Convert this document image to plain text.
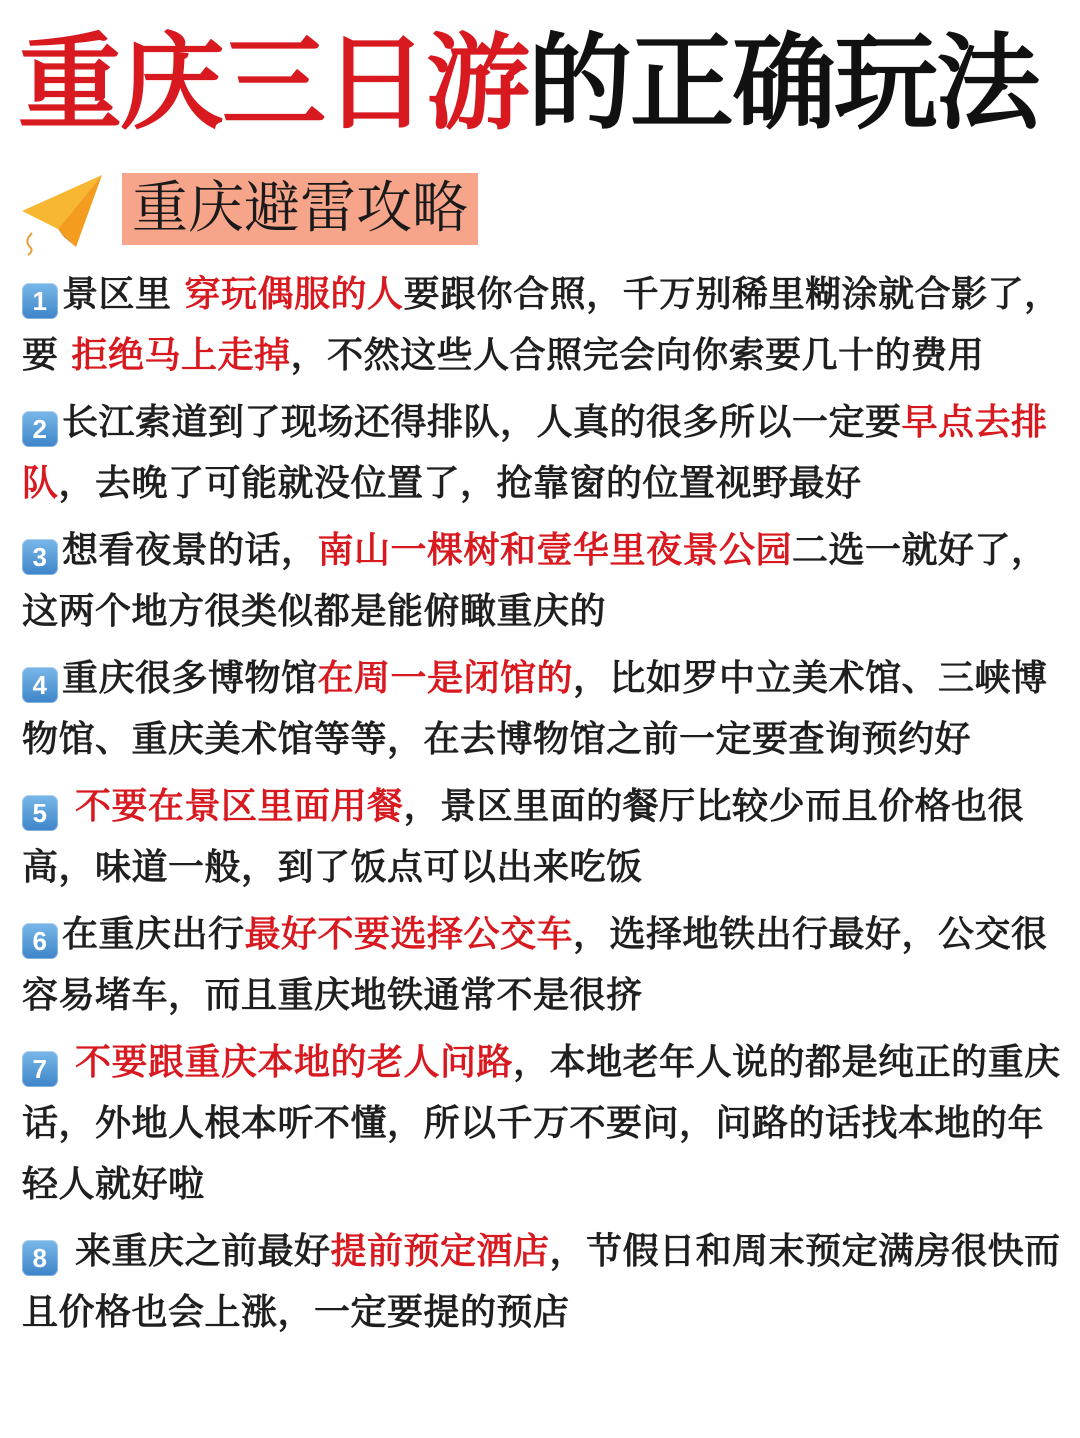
重庆三日游的正确玩法
重庆避雷攻略
1 景区里 穿玩偶服的人要跟你合照，千万别稀里糊涂就合影了，要 拒绝马上走掉，不然这些人合照完会向你索要几十的费用
2 长江索道到了现场还得排队，人真的很多所以一定要早点去排队，去晚了可能就没位置了，抢靠窗的位置视野最好
3 想看夜景的话，南山一棵树和壹华里夜景公园二选一就好了，这两个地方很类似都是能俯瞰重庆的
4 重庆很多博物馆在周一是闭馆的，比如罗中立美术馆、三峡博物馆、重庆美术馆等等，在去博物馆之前一定要查询预约好
5 不要在景区里面用餐，景区里面的餐厅比较少而且价格也很高，味道一般，到了饭点可以出来吃饭
6 在重庆出行最好不要选择公交车，选择地铁出行最好，公交很容易堵车，而且重庆地铁通常不是很挤
7 不要跟重庆本地的老人问路，本地老年人说的都是纯正的重庆话，外地人根本听不懂，所以千万不要问，问路的话找本地的年轻人就好啦
8 来重庆之前最好提前预定酒店，节假日和周末预定满房很快而且价格也会上涨，一定要提的预店
